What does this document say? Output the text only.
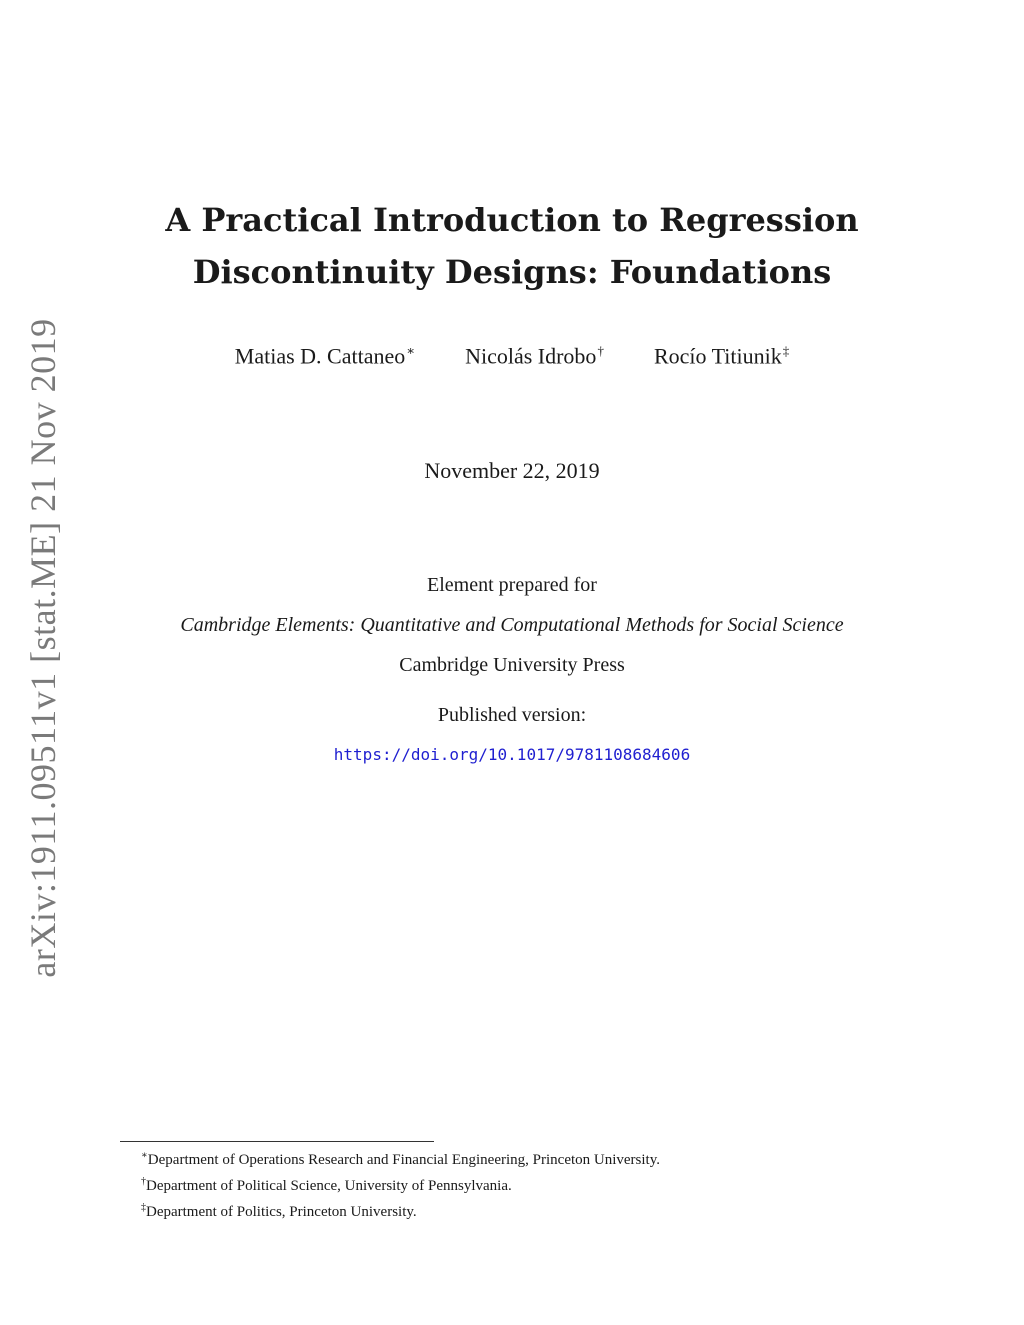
arXiv:1911.09511v1 [stat.ME] 21 Nov 2019
A Practical Introduction to Regression
Discontinuity Designs: Foundations
Matias D. Cattaneo∗ Nicolás Idrobo† Rocío Titiunik‡
November 22, 2019
Element prepared for
Cambridge Elements: Quantitative and Computational Methods for Social Science
Cambridge University Press
Published version:
https://doi.org/10.1017/9781108684606
∗Department of Operations Research and Financial Engineering, Princeton University.
†Department of Political Science, University of Pennsylvania.
‡Department of Politics, Princeton University.
